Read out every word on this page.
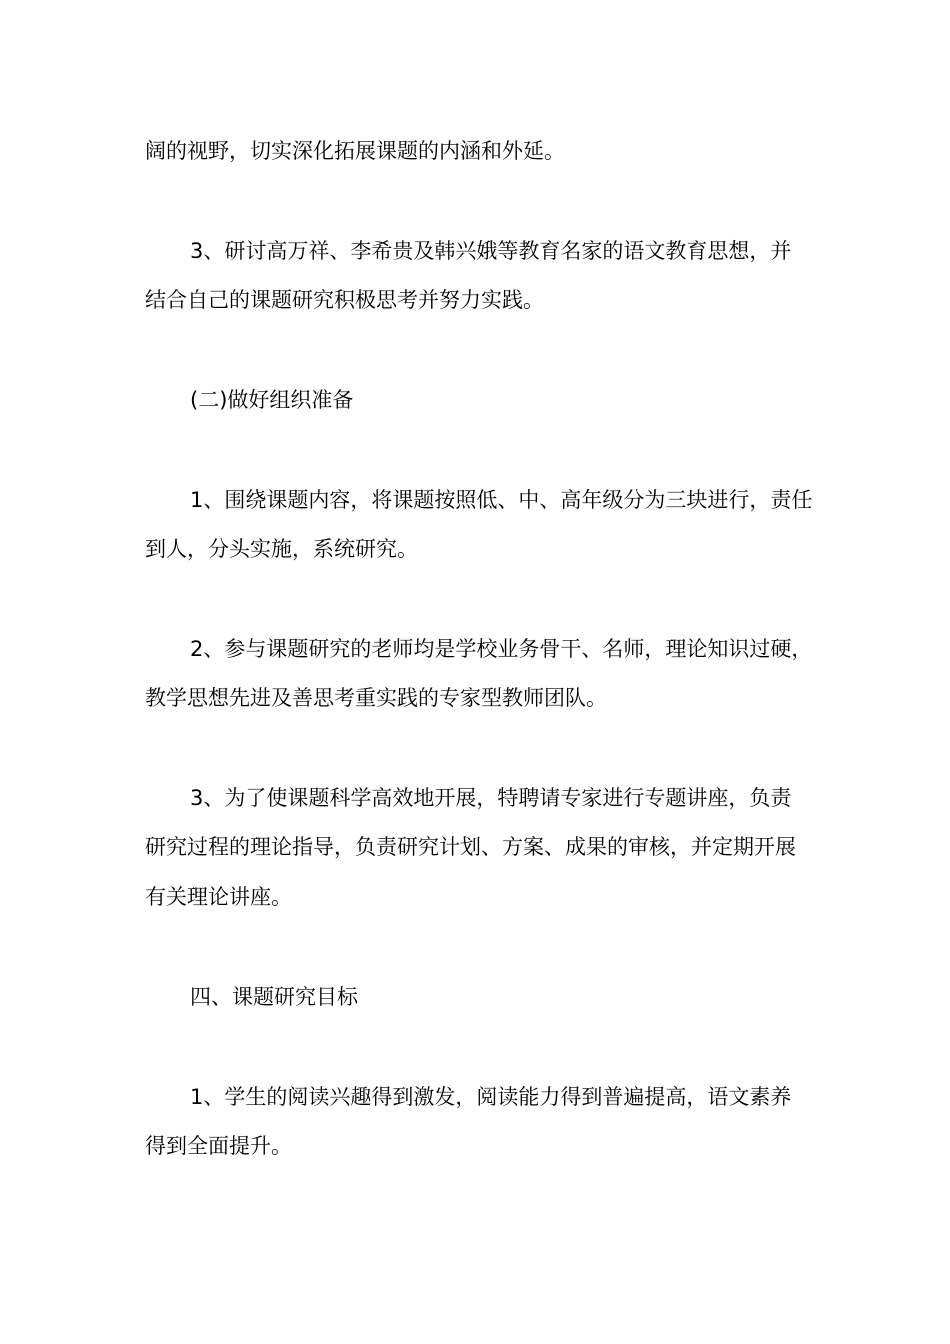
阔的视野，切实深化拓展课题的内涵和外延。
3、研讨高万祥、李希贵及韩兴娥等教育名家的语文教育思想，并
结合自己的课题研究积极思考并努力实践。
(二)做好组织准备
1、围绕课题内容，将课题按照低、中、高年级分为三块进行，责任
到人，分头实施，系统研究。
2、参与课题研究的老师均是学校业务骨干、名师，理论知识过硬，
教学思想先进及善思考重实践的专家型教师团队。
3、为了使课题科学高效地开展，特聘请专家进行专题讲座，负责
研究过程的理论指导，负责研究计划、方案、成果的审核，并定期开展
有关理论讲座。
四、课题研究目标
1、学生的阅读兴趣得到激发，阅读能力得到普遍提高，语文素养
得到全面提升。
